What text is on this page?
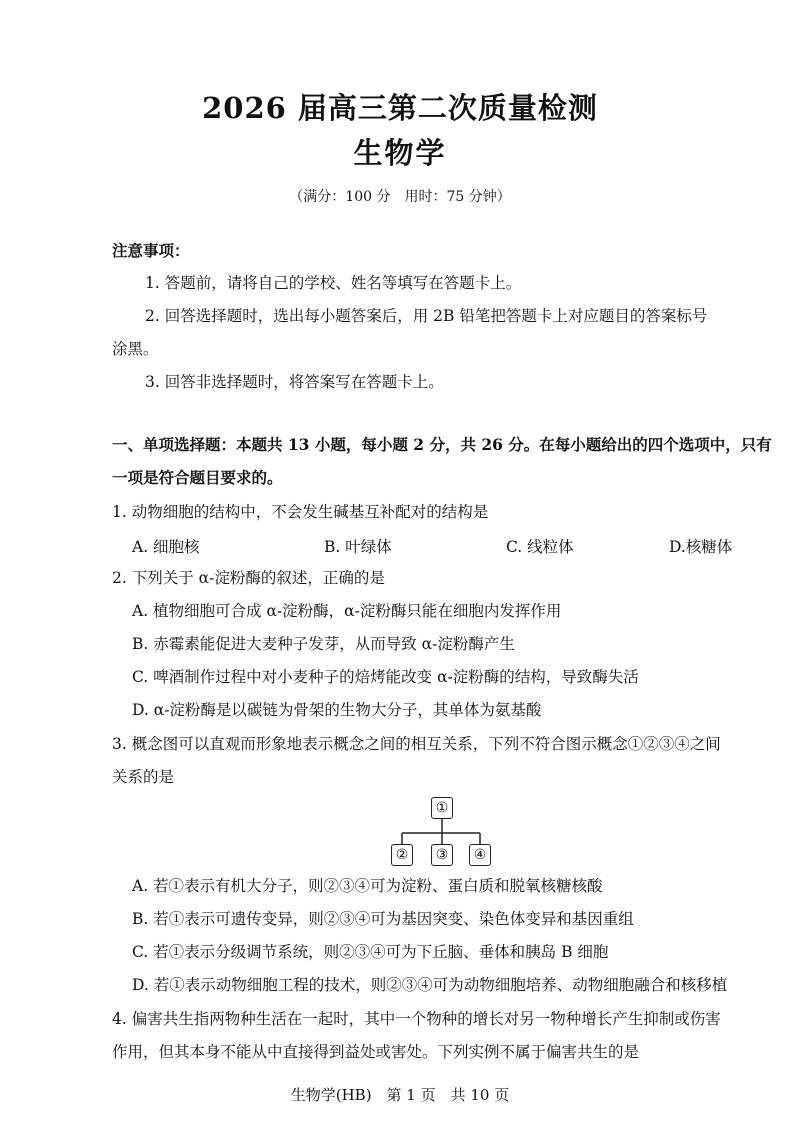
2026 届高三第二次质量检测
生物学
（满分：100 分　用时：75 分钟）
注意事项：
1. 答题前，请将自己的学校、姓名等填写在答题卡上。
2. 回答选择题时，选出每小题答案后，用 2B 铅笔把答题卡上对应题目的答案标号
涂黑。
3. 回答非选择题时，将答案写在答题卡上。
一、单项选择题：本题共 13 小题，每小题 2 分，共 26 分。在每小题给出的四个选项中，只有
一项是符合题目要求的。
1. 动物细胞的结构中，不会发生碱基互补配对的结构是
A. 细胞核	B. 叶绿体	C. 线粒体	D.核糖体
2. 下列关于 α-淀粉酶的叙述，正确的是
A. 植物细胞可合成 α-淀粉酶，α-淀粉酶只能在细胞内发挥作用
B. 赤霉素能促进大麦种子发芽，从而导致 α-淀粉酶产生
C. 啤酒制作过程中对小麦种子的焙烤能改变 α-淀粉酶的结构，导致酶失活
D. α-淀粉酶是以碳链为骨架的生物大分子，其单体为氨基酸
3. 概念图可以直观而形象地表示概念之间的相互关系，下列不符合图示概念①②③④之间
关系的是
①
②	③	④
A. 若①表示有机大分子，则②③④可为淀粉、蛋白质和脱氧核糖核酸
B. 若①表示可遗传变异，则②③④可为基因突变、染色体变异和基因重组
C. 若①表示分级调节系统，则②③④可为下丘脑、垂体和胰岛 B 细胞
D. 若①表示动物细胞工程的技术，则②③④可为动物细胞培养、动物细胞融合和核移植
4. 偏害共生指两物种生活在一起时，其中一个物种的增长对另一物种增长产生抑制或伤害
作用，但其本身不能从中直接得到益处或害处。下列实例不属于偏害共生的是
生物学(HB)　第 1 页　共 10 页
